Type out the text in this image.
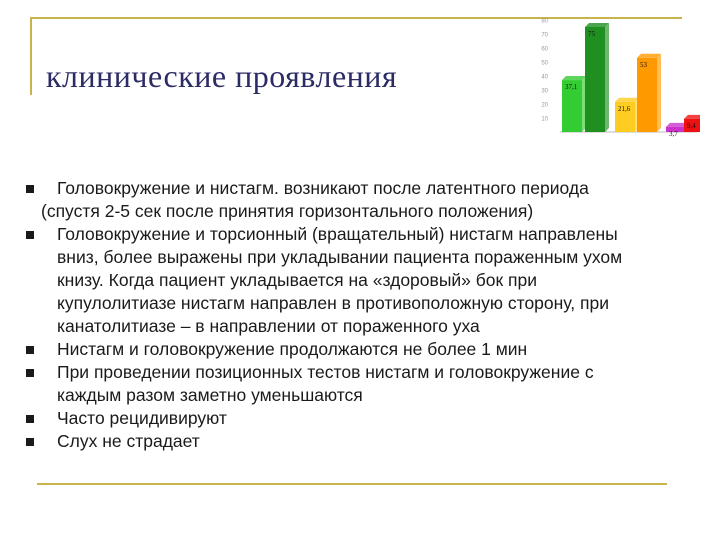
клинические проявления
10
20
30
40
50
60
70
80
37,1
75
21,6
53
3,7
9,4
Головокружение и нистагм. возникают после латентного периода
(спустя 2-5 сек после принятия горизонтального положения)
Головокружение и торсионный (вращательный) нистагм направлены
вниз, более выражены при укладывании пациента пораженным ухом
книзу. Когда пациент укладывается на «здоровый» бок при
купулолитиазе нистагм направлен в противоположную сторону, при
канатолитиазе – в направлении от пораженного уха
Нистагм и головокружение продолжаются не более 1 мин
При проведении позиционных тестов нистагм и головокружение с
каждым разом заметно уменьшаются
Часто рецидивируют
Слух не страдает
